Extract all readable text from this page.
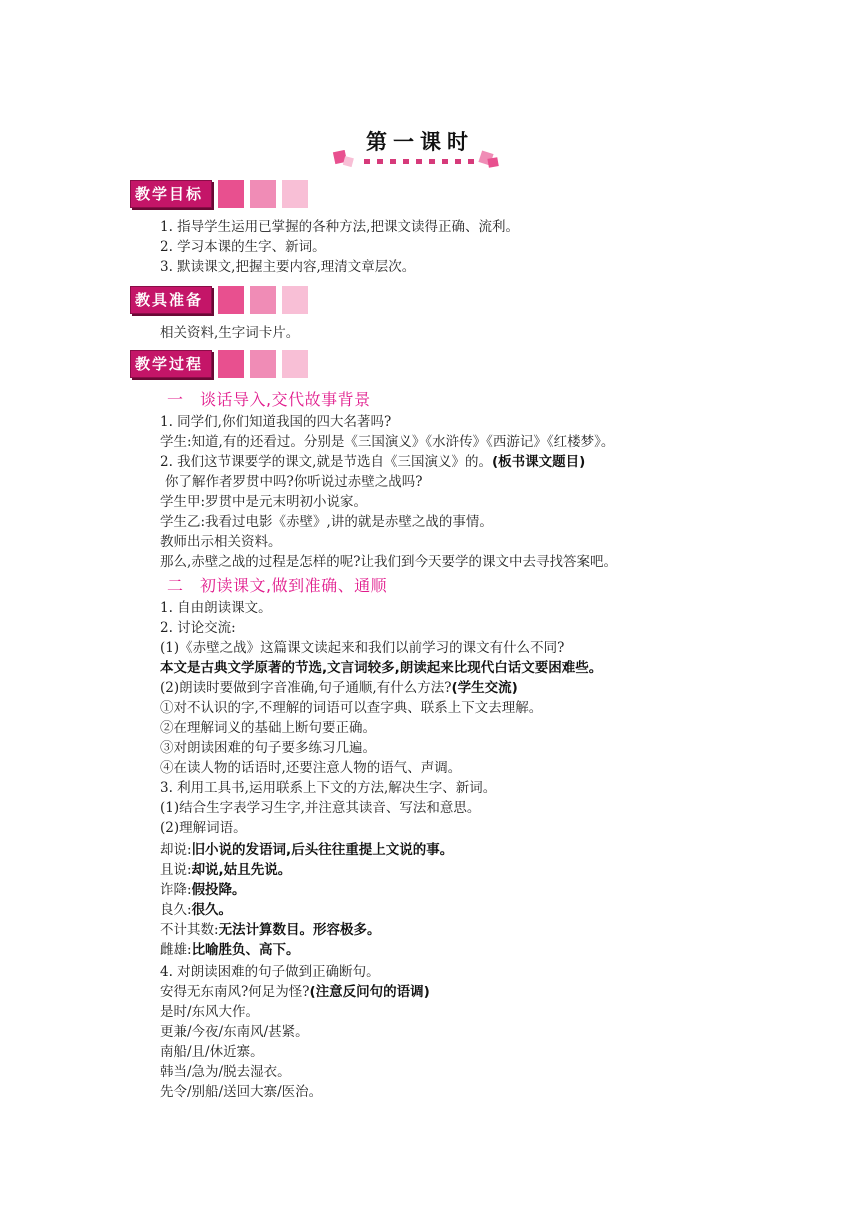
第一课时
教学目标
1. 指导学生运用已掌握的各种方法,把课文读得正确、流利。
2. 学习本课的生字、新词。
3. 默读课文,把握主要内容,理清文章层次。
教具准备
相关资料,生字词卡片。
教学过程
一　谈话导入,交代故事背景
1. 同学们,你们知道我国的四大名著吗?
学生:知道,有的还看过。分别是《三国演义》《水浒传》《西游记》《红楼梦》。
2. 我们这节课要学的课文,就是节选自《三国演义》的。(板书课文题目)
你了解作者罗贯中吗?你听说过赤壁之战吗?
学生甲:罗贯中是元末明初小说家。
学生乙:我看过电影《赤壁》,讲的就是赤壁之战的事情。
教师出示相关资料。
那么,赤壁之战的过程是怎样的呢?让我们到今天要学的课文中去寻找答案吧。
二　初读课文,做到准确、通顺
1. 自由朗读课文。
2. 讨论交流:
(1)《赤壁之战》这篇课文读起来和我们以前学习的课文有什么不同?
本文是古典文学原著的节选,文言词较多,朗读起来比现代白话文要困难些。
(2)朗读时要做到字音准确,句子通顺,有什么方法?(学生交流)
①对不认识的字,不理解的词语可以查字典、联系上下文去理解。
②在理解词义的基础上断句要正确。
③对朗读困难的句子要多练习几遍。
④在读人物的话语时,还要注意人物的语气、声调。
3. 利用工具书,运用联系上下文的方法,解决生字、新词。
(1)结合生字表学习生字,并注意其读音、写法和意思。
(2)理解词语。
却说:旧小说的发语词,后头往往重提上文说的事。
且说:却说,姑且先说。
诈降:假投降。
良久:很久。
不计其数:无法计算数目。形容极多。
雌雄:比喻胜负、高下。
4. 对朗读困难的句子做到正确断句。
安得无东南风?何足为怪?(注意反问句的语调)
是时/东风大作。
更兼/今夜/东南风/甚紧。
南船/且/休近寨。
韩当/急为/脱去湿衣。
先令/别船/送回大寨/医治。
